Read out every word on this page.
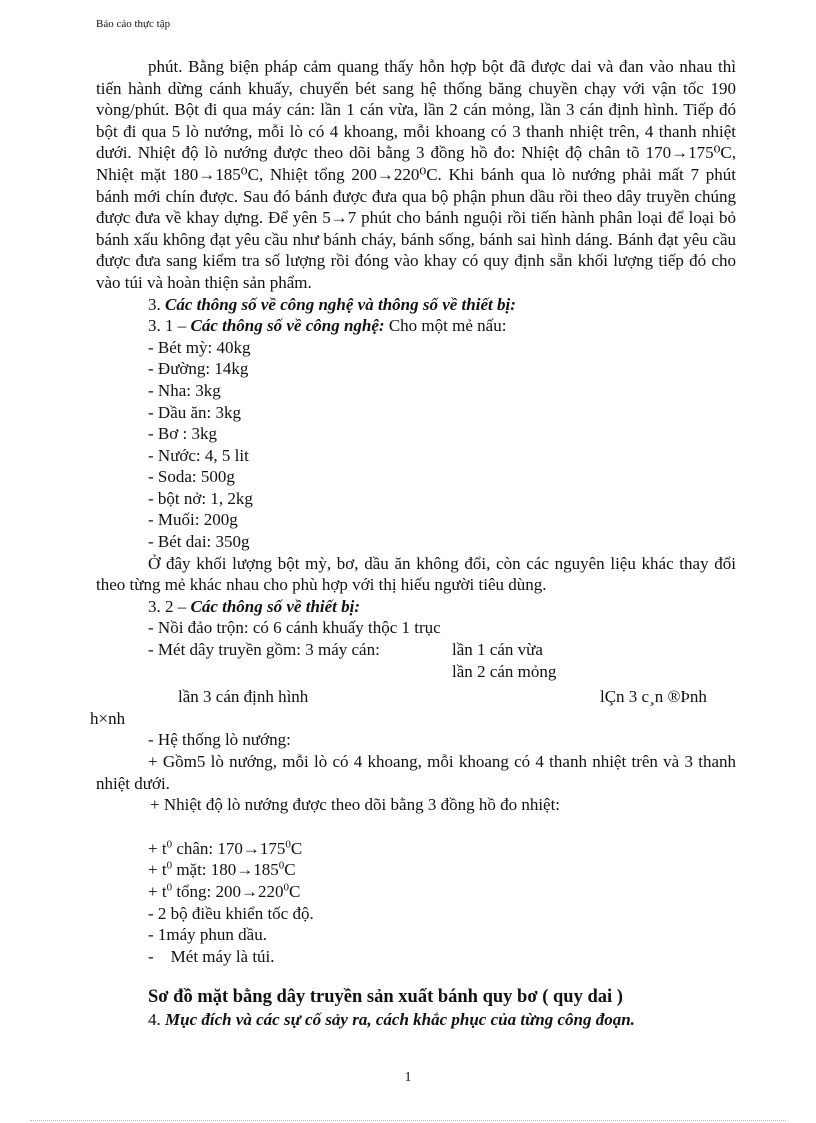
Báo cáo thực tập

phút. Bằng biện pháp cảm quang thấy hỗn hợp bột đã được dai và đan vào nhau thì tiến hành dừng cánh khuấy, chuyển bét sang hệ thống băng chuyền chạy với vận tốc 190 vòng/phút. Bột đi qua máy cán: lần 1 cán vừa, lần 2 cán mỏng, lần 3 cán định hình. Tiếp đó bột đi qua 5 lò nướng, mỗi lò có 4 khoang, mỗi khoang có 3 thanh nhiệt trên, 4 thanh nhiệt dưới. Nhiệt độ lò nướng được theo dõi bằng 3 đồng hồ đo: Nhiệt độ chân tõ 170→175⁰C, Nhiệt mặt 180→185⁰C, Nhiệt tổng 200→220⁰C. Khi bánh qua lò nướng phải mất 7 phút bánh mới chín được. Sau đó bánh được đưa qua bộ phận phun dầu rồi theo dây truyền chúng được đưa về khay dựng. Để yên 5→7 phút cho bánh nguội rồi tiến hành phân loại để loại bỏ bánh xấu không đạt yêu cầu như bánh cháy, bánh sống, bánh sai hình dáng. Bánh đạt yêu cầu được đưa sang kiểm tra số lượng rồi đóng vào khay có quy định sẵn khối lượng tiếp đó cho vào túi và hoàn thiện sản phẩm.

3. Các thông số về công nghệ và thông số về thiết bị:

3. 1 – Các thông số về công nghệ: Cho một mẻ nấu:

- Bét mỳ: 40kg

- Đường: 14kg

- Nha: 3kg

- Dầu ăn: 3kg

- Bơ : 3kg

- Nước: 4, 5 lit

- Soda: 500g

- bột nở: 1, 2kg

- Muối: 200g

- Bét dai: 350g

Ở đây khối lượng bột mỳ, bơ, dầu ăn không đổi, còn các nguyên liệu khác thay đổi theo từng mẻ khác nhau cho phù hợp với thị hiếu người tiêu dùng.

3. 2 – Các thông số về thiết bị:

- Nồi đảo trộn: có 6 cánh khuấy thộc 1 trục

- Mét dây truyền gồm: 3 máy cán:	lần 1 cán vừa
lần 2 cán mỏng
lần 3 cán định hình	lÇn 3 c¸n ®Þnh
h×nh

- Hệ thống lò nướng:

+ Gồm5 lò nướng, mỗi lò có 4 khoang, mỗi khoang có 4 thanh nhiệt trên và 3 thanh nhiệt dưới.

+ Nhiệt độ lò nướng được theo dõi bằng 3 đồng hồ đo nhiệt:

+ $t^0$ chân: $170\to 175^0C$

+ $t^0$ mặt: $180\to 185^0C$

+ $t^0$ tổng: $200\to 220^0C$

- 2 bộ điều khiển tốc độ.

- 1máy phun dầu.

-    Mét máy là túi.

Sơ đồ mặt bằng dây truyền sản xuất bánh quy bơ ( quy dai )

4. Mục đích và các sự cố sảy ra, cách khắc phục của từng công đoạn.

1
